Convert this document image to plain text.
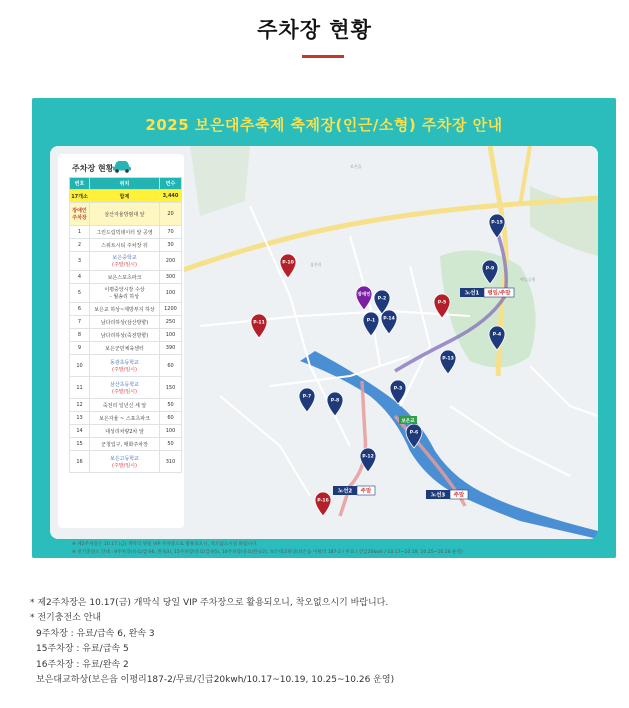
주차장 현황
2025 보은대추축제 축제장(인근/소형) 주차장 안내
보은읍
뱃들공원
삼산리
P-15
P-9
P-4
P-2
P-1 P-14
P-13
P-3
P-7
P-8
P-6
P-12
P-10
P-11
P-5
P-16
장애인	노선1 평일/주말
노선2 주말
노선3 주말
보은교
주차장 현황
번호	위치	면수
17개소	합계	3,440
장애인
주차장	삼산자율방범대 앞	20
1	그린드림빅데이터 앞 공영	70
2	스위트시티 주차장 뒤	30
3	보은중학교
(주말/임시)	200
4	보은스포츠파크	300
5	이평중앙시장 수상
- 월송리 하상	100
6	보은교 하상~제방부지 하상	1200
7	남다리하상(삼산방향)	250
8	남다리하상(죽전방향)	100
9	보은군민체육센터	390
10	동광초등학교
(주말/임시)	60
11	삼산초등학교
(주말/임시)	150
12	죽전리 일년신 세 앞	50
13	보은자율 ~ 스포츠파크	60
14	대성리차량2차 앞	100
15	군청입구, 매화주차장	50
16	보은고등학교
(주말/임시)	310
※ 제2주차장은 10.17.(금) 개막식 당일 VIP 주차장으로 활용되오니, 착오없으시길 바랍니다.
※ 전기충전소 안내 : 9주차장(유료/급속6, 완속3), 15주차장(유료/급속5), 16주차장(유료/완속2), 보은대교하상(보은읍 이평리 187-2 / 무료 / 긴급20kwh / 10.17~10.19, 10.25~10.26 운영)
* 제2주차장은 10.17(금) 개막식 당일 VIP 주차장으로 활용되오니, 착오없으시기 바랍니다.
* 전기충전소 안내
9주차장 : 유료/급속 6, 완속 3
15주차장 : 유료/급속 5
16주차장 : 유료/완속 2
보은대교하상(보은읍 이평리187-2/무료/긴급20kwh/10.17~10.19, 10.25~10.26 운영)
